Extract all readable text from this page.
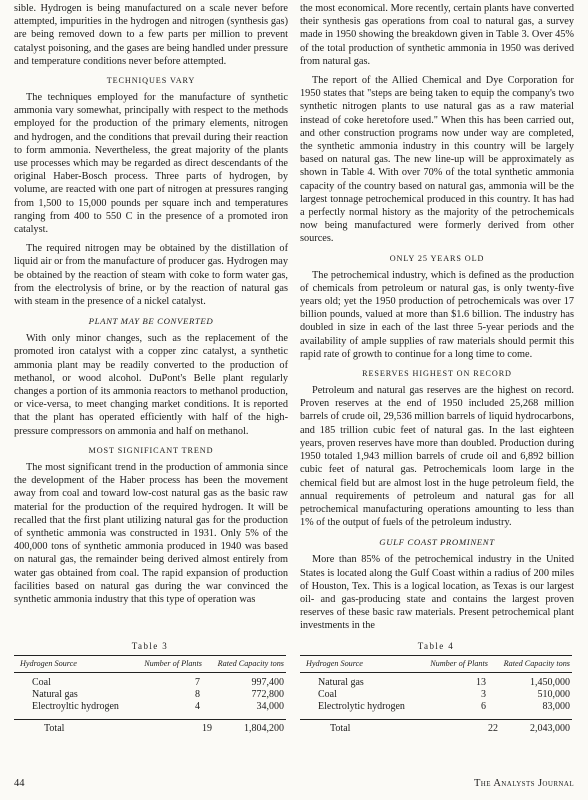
sible. Hydrogen is being manufactured on a scale never before attempted, impurities in the hydrogen and nitrogen (synthesis gas) are being removed down to a few parts per million to prevent catalyst poisoning, and the gases are being handled under pressure and temperature conditions never before attempted.

TECHNIQUES VARY

The techniques employed for the manufacture of synthetic ammonia vary somewhat, principally with respect to the methods employed for the production of the primary elements, nitrogen and hydrogen, and the conditions that prevail during their reaction to form ammonia. Nevertheless, the great majority of the plants use processes which may be regarded as direct descendants of the original Haber-Bosch process. Three parts of hydrogen, by volume, are reacted with one part of nitrogen at pressures ranging from 1,500 to 15,000 pounds per square inch and temperatures ranging from 400 to 550 C in the presence of a promoted iron catalyst.

The required nitrogen may be obtained by the distillation of liquid air or from the manufacture of producer gas. Hydrogen may be obtained by the reaction of steam with coke to form water gas, from the electrolysis of brine, or by the reaction of natural gas with steam in the presence of a nickel catalyst.

PLANT MAY BE CONVERTED

With only minor changes, such as the replacement of the promoted iron catalyst with a copper zinc catalyst, a synthetic ammonia plant may be readily converted to the production of methanol, or wood alcohol. DuPont's Belle plant regularly changes a portion of its ammonia reactors to methanol production, or vice-versa, to meet changing market conditions. It is reported that the plant has operated efficiently with half of the high-pressure compressors on ammonia and half on methanol.

MOST SIGNIFICANT TREND

The most significant trend in the production of ammonia since the development of the Haber process has been the movement away from coal and toward low-cost natural gas as the basic raw material for the production of the required hydrogen. It will be recalled that the first plant utilizing natural gas for the production of synthetic ammonia was constructed in 1931. Only 5% of the 400,000 tons of synthetic ammonia produced in 1940 was based on natural gas, the remainder being derived almost entirely from water gas obtained from coal. The rapid expansion of production facilities based on natural gas during the war convinced the synthetic ammonia industry that this type of operation was

the most economical. More recently, certain plants have converted their synthesis gas operations from coal to natural gas, a survey made in 1950 showing the breakdown given in Table 3. Over 45% of the total production of synthetic ammonia in 1950 was derived from natural gas.

The report of the Allied Chemical and Dye Corporation for 1950 states that "steps are being taken to equip the company's two synthetic nitrogen plants to use natural gas as a raw material instead of coke heretofore used." When this has been carried out, and other construction programs now under way are completed, the synthetic ammonia industry in this country will be largely based on natural gas. The new line-up will be approximately as shown in Table 4. With over 70% of the total synthetic ammonia capacity of the country based on natural gas, ammonia will be the largest tonnage petrochemical produced in this country. It has had a perfectly normal history as the majority of the petrochemicals now being manufactured were formerly derived from other sources.

ONLY 25 YEARS OLD

The petrochemical industry, which is defined as the production of chemicals from petroleum or natural gas, is only twenty-five years old; yet the 1950 production of petrochemicals was over 17 billion pounds, valued at more than $1.6 billion. The industry has doubled in size in each of the last three 5-year periods and the availability of ample supplies of raw materials should permit this rapid rate of growth to continue for a long time to come.

RESERVES HIGHEST ON RECORD

Petroleum and natural gas reserves are the highest on record. Proven reserves at the end of 1950 included 25,268 million barrels of crude oil, 29,536 million barrels of liquid hydrocarbons, and 185 trillion cubic feet of natural gas. In the last eighteen years, proven reserves have more than doubled. Production during 1950 totaled 1,943 million barrels of crude oil and 6,892 billion cubic feet of natural gas. Petrochemicals loom large in the chemical field but are almost lost in the huge petroleum field, the annual requirements of petroleum and natural gas for all petrochemical manufacturing operations amounting to less than 1% of the output of fuels of the petroleum industry.

GULF COAST PROMINENT

More than 85% of the petrochemical industry in the United States is located along the Gulf Coast within a radius of 200 miles of Houston, Tex. This is a logical location, as Texas is our largest oil- and gas-producing state and contains the largest proven reserves of these basic raw materials. Present petrochemical plant investments in the

Table 3
Hydrogen Source	Number of Plants	Rated Capacity tons
Coal	7	997,400
Natural gas	8	772,800
Electroyltic hydrogen	4	34,000
Total	19	1,804,200
Table 4
Hydrogen Source	Number of Plants	Rated Capacity tons
Natural gas	13	1,450,000
Coal	3	510,000
Electrolytic hydrogen	6	83,000
Total	22	2,043,000
44	The Analysts Journal
